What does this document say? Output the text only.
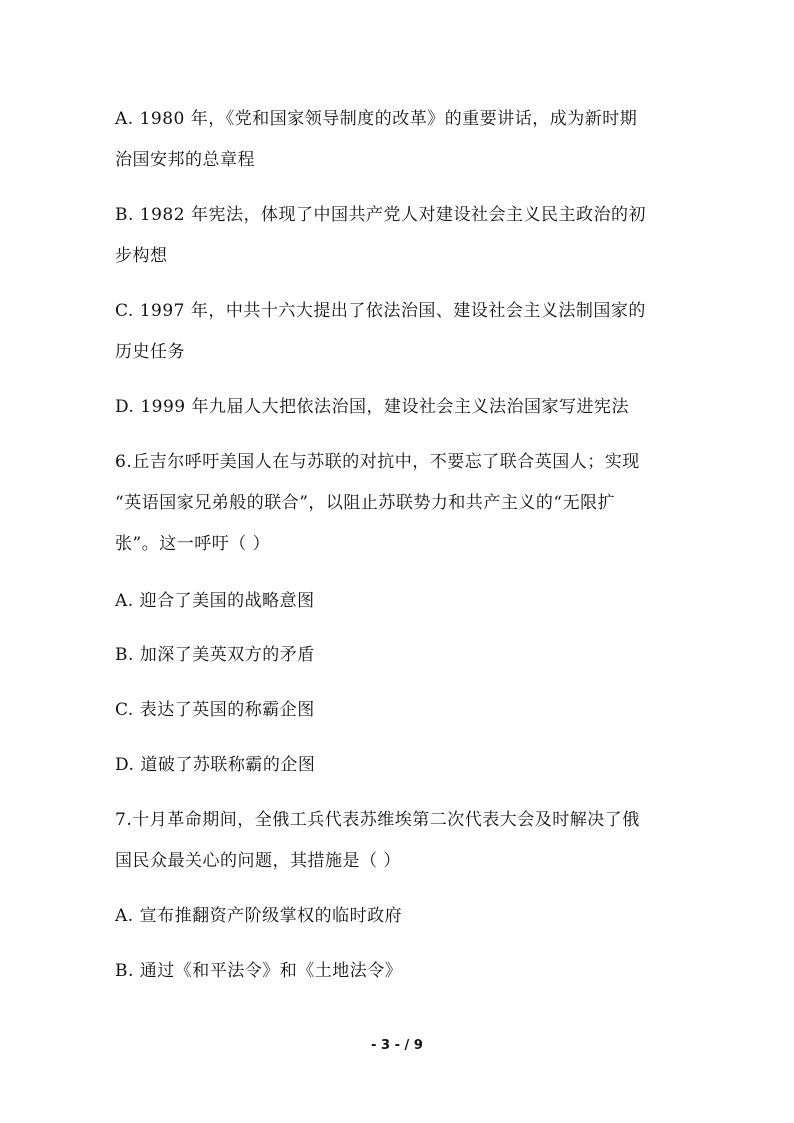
A. 1980 年，《党和国家领导制度的改革》的重要讲话，成为新时期
治国安邦的总章程
B. 1982 年宪法，体现了中国共产党人对建设社会主义民主政治的初
步构想
C. 1997 年，中共十六大提出了依法治国、建设社会主义法制国家的
历史任务
D. 1999 年九届人大把依法治国，建设社会主义法治国家写进宪法
6.丘吉尔呼吁美国人在与苏联的对抗中，不要忘了联合英国人；实现
“英语国家兄弟般的联合”，以阻止苏联势力和共产主义的“无限扩
张”。这一呼吁（ ）
A. 迎合了美国的战略意图
B. 加深了美英双方的矛盾
C. 表达了英国的称霸企图
D. 道破了苏联称霸的企图
7.十月革命期间，全俄工兵代表苏维埃第二次代表大会及时解决了俄
国民众最关心的问题，其措施是（ ）
A. 宣布推翻资产阶级掌权的临时政府
B. 通过《和平法令》和《土地法令》
- 3 - / 9
